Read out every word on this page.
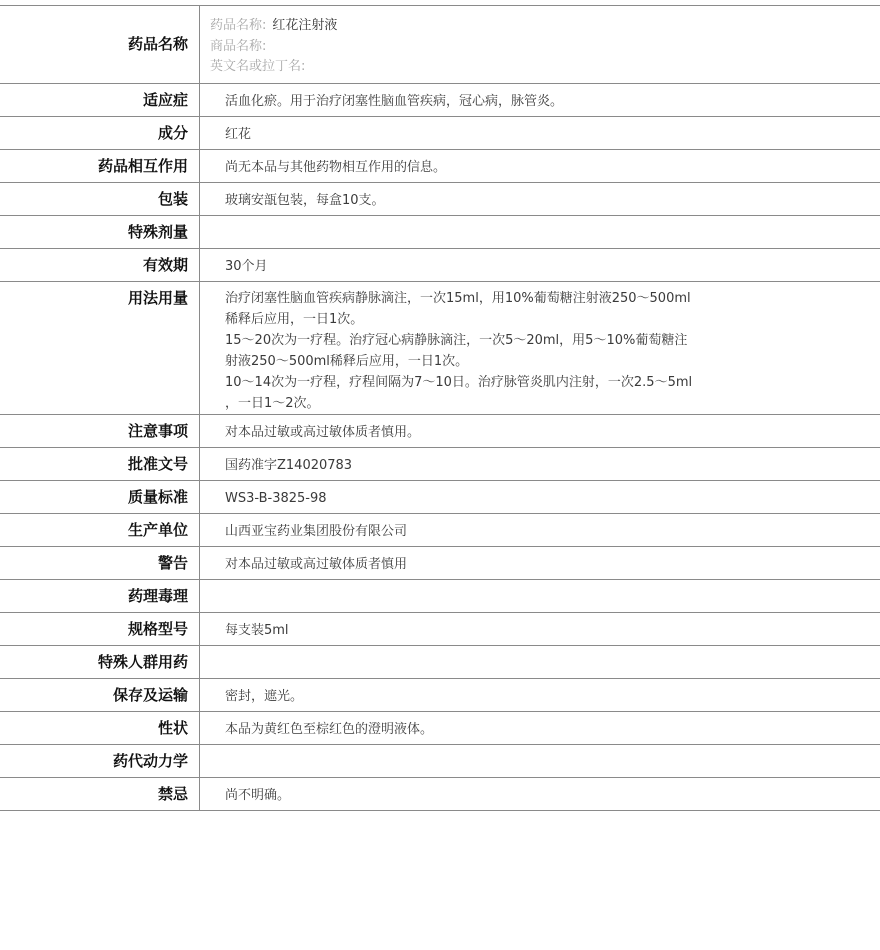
药品名称
药品名称: 红花注射液
商品名称:
英文名或拉丁名:
适应症	活血化瘀。用于治疗闭塞性脑血管疾病，冠心病，脉管炎。
成分	红花
药品相互作用	尚无本品与其他药物相互作用的信息。
包装	玻璃安瓿包装，每盒10支。
特殊剂量
有效期	30个月
用法用量	治疗闭塞性脑血管疾病静脉滴注，一次15ml，用10%葡萄糖注射液250～500ml
稀释后应用，一日1次。
15～20次为一疗程。治疗冠心病静脉滴注，一次5～20ml，用5～10%葡萄糖注
射液250～500ml稀释后应用，一日1次。
10～14次为一疗程，疗程间隔为7～10日。治疗脉管炎肌内注射，一次2.5～5ml
，一日1～2次。
注意事项	对本品过敏或高过敏体质者慎用。
批准文号	国药准字Z14020783
质量标准	WS3-B-3825-98
生产单位	山西亚宝药业集团股份有限公司
警告	对本品过敏或高过敏体质者慎用
药理毒理
规格型号	每支装5ml
特殊人群用药
保存及运输	密封，遮光。
性状	本品为黄红色至棕红色的澄明液体。
药代动力学
禁忌	尚不明确。
